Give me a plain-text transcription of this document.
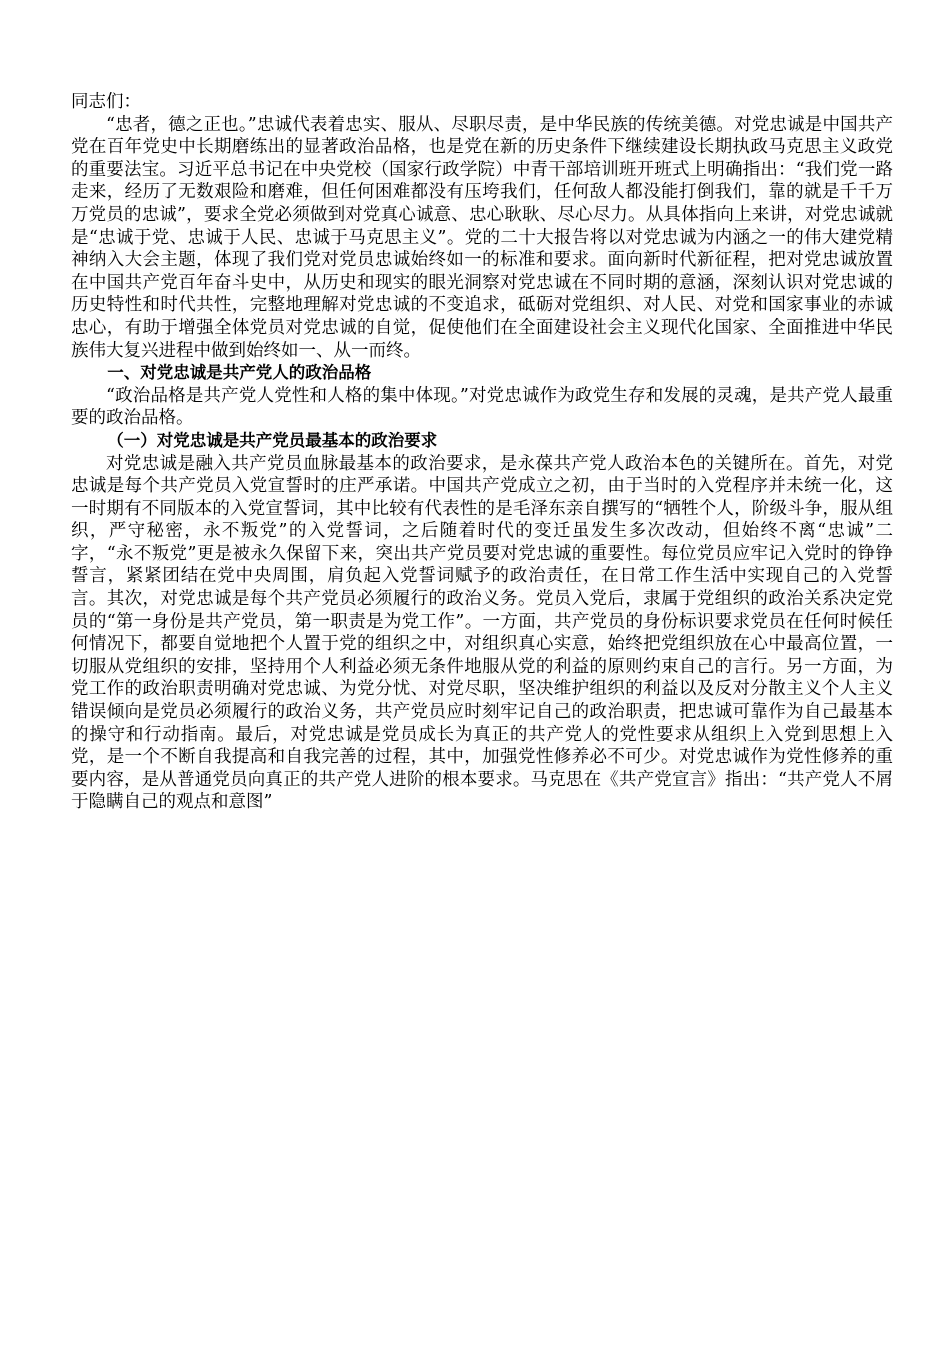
同志们：

“忠者，德之正也。”忠诚代表着忠实、服从、尽职尽责，是中华民族的传统美德。对党忠诚是中国共产党在百年党史中长期磨练出的显著政治品格，也是党在新的历史条件下继续建设长期执政马克思主义政党的重要法宝。习近平总书记在中央党校（国家行政学院）中青干部培训班开班式上明确指出：“我们党一路走来，经历了无数艰险和磨难，但任何困难都没有压垮我们，任何敌人都没能打倒我们，靠的就是千千万万党员的忠诚”，要求全党必须做到对党真心诚意、忠心耿耿、尽心尽力。从具体指向上来讲，对党忠诚就是“忠诚于党、忠诚于人民、忠诚于马克思主义”。党的二十大报告将以对党忠诚为内涵之一的伟大建党精神纳入大会主题，体现了我们党对党员忠诚始终如一的标准和要求。面向新时代新征程，把对党忠诚放置在中国共产党百年奋斗史中，从历史和现实的眼光洞察对党忠诚在不同时期的意涵，深刻认识对党忠诚的历史特性和时代共性，完整地理解对党忠诚的不变追求，砥砺对党组织、对人民、对党和国家事业的赤诚忠心，有助于增强全体党员对党忠诚的自觉，促使他们在全面建设社会主义现代化国家、全面推进中华民族伟大复兴进程中做到始终如一、从一而终。

一、对党忠诚是共产党人的政治品格

“政治品格是共产党人党性和人格的集中体现。”对党忠诚作为政党生存和发展的灵魂，是共产党人最重要的政治品格。

（一）对党忠诚是共产党员最基本的政治要求

对党忠诚是融入共产党员血脉最基本的政治要求，是永葆共产党人政治本色的关键所在。首先，对党忠诚是每个共产党员入党宣誓时的庄严承诺。中国共产党成立之初，由于当时的入党程序并未统一化，这一时期有不同版本的入党宣誓词，其中比较有代表性的是毛泽东亲自撰写的“牺牲个人，阶级斗争，服从组织，严守秘密，永不叛党”的入党誓词，之后随着时代的变迁虽发生多次改动，但始终不离“忠诚”二字，“永不叛党”更是被永久保留下来，突出共产党员要对党忠诚的重要性。每位党员应牢记入党时的铮铮誓言，紧紧团结在党中央周围，肩负起入党誓词赋予的政治责任，在日常工作生活中实现自己的入党誓言。其次，对党忠诚是每个共产党员必须履行的政治义务。党员入党后，隶属于党组织的政治关系决定党员的“第一身份是共产党员，第一职责是为党工作”。一方面，共产党员的身份标识要求党员在任何时候任何情况下，都要自觉地把个人置于党的组织之中，对组织真心实意，始终把党组织放在心中最高位置，一切服从党组织的安排，坚持用个人利益必须无条件地服从党的利益的原则约束自己的言行。另一方面，为党工作的政治职责明确对党忠诚、为党分忧、对党尽职，坚决维护组织的利益以及反对分散主义个人主义错误倾向是党员必须履行的政治义务，共产党员应时刻牢记自己的政治职责，把忠诚可靠作为自己最基本的操守和行动指南。最后，对党忠诚是党员成长为真正的共产党人的党性要求从组织上入党到思想上入党，是一个不断自我提高和自我完善的过程，其中，加强党性修养必不可少。对党忠诚作为党性修养的重要内容，是从普通党员向真正的共产党人进阶的根本要求。马克思在《共产党宣言》指出：“共产党人不屑于隐瞒自己的观点和意图”
